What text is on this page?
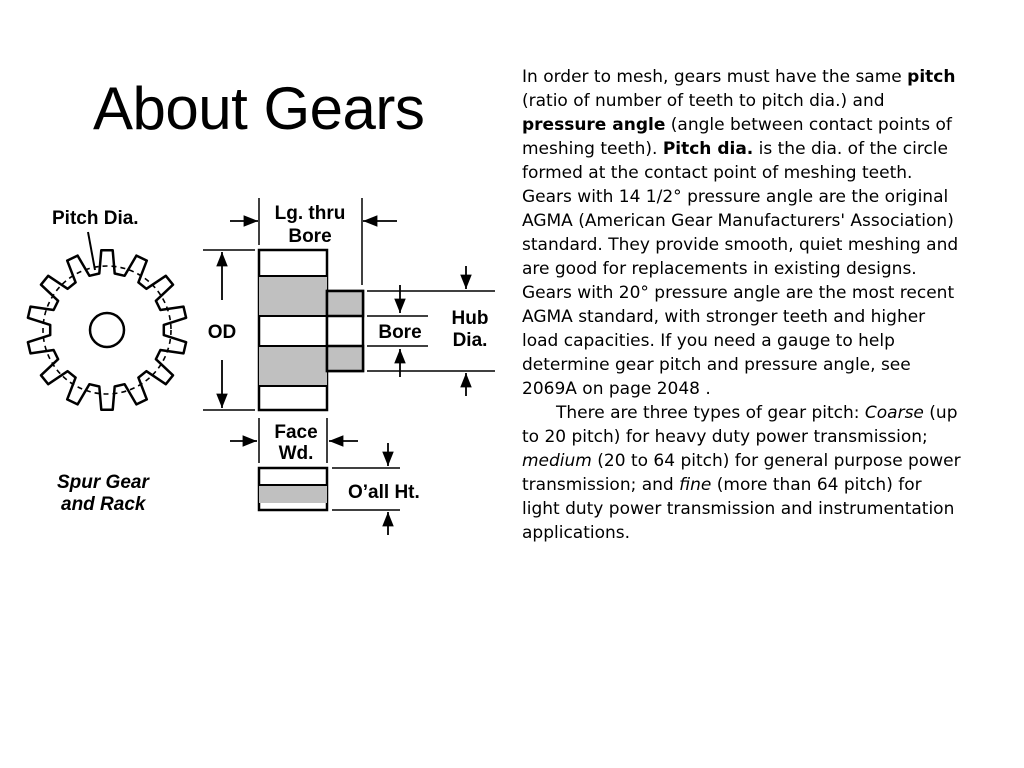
About Gears
Pitch Dia.	Lg. thru
Bore
OD	Bore
Hub
Dia.
Face
Wd.
O’all Ht.
Spur Gear
and Rack

In order to mesh, gears must have the same pitch (ratio of number of teeth to pitch dia.) and pressure angle (angle between contact points of meshing teeth). Pitch dia. is the dia. of the circle formed at the contact point of meshing teeth. Gears with 14 1/2° pressure angle are the original AGMA (American Gear Manufacturers' Association) standard. They provide smooth, quiet meshing and are good for replacements in existing designs. Gears with 20° pressure angle are the most recent AGMA standard, with stronger teeth and higher load capacities. If you need a gauge to help determine gear pitch and pressure angle, see 2069A on page 2048 .

There are three types of gear pitch: Coarse (up to 20 pitch) for heavy duty power transmission; medium (20 to 64 pitch) for general purpose power transmission; and fine (more than 64 pitch) for light duty power transmission and instrumentation applications.
